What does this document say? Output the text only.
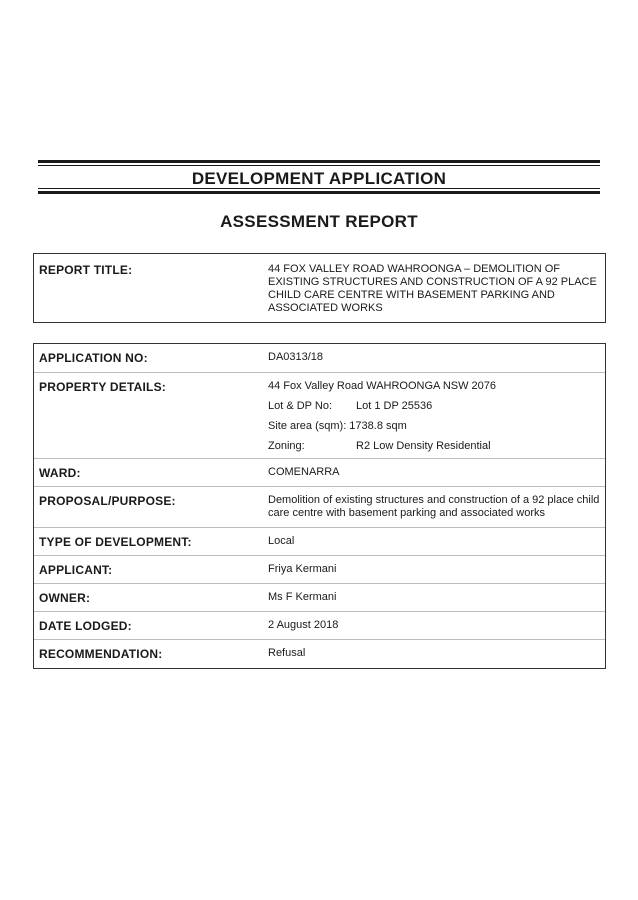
DEVELOPMENT APPLICATION
ASSESSMENT REPORT
REPORT TITLE:	44 FOX VALLEY ROAD WAHROONGA – DEMOLITION OF EXISTING STRUCTURES AND CONSTRUCTION OF A 92 PLACE CHILD CARE CENTRE WITH BASEMENT PARKING AND ASSOCIATED WORKS
APPLICATION NO:	DA0313/18
PROPERTY DETAILS:	44 Fox Valley Road WAHROONGA NSW 2076
Lot & DP No: Lot 1 DP 25536
Site area (sqm): 1738.8 sqm
Zoning:	R2 Low Density Residential
WARD:	COMENARRA
PROPOSAL/PURPOSE:	Demolition of existing structures and construction of a 92 place child care centre with basement parking and associated works
TYPE OF DEVELOPMENT:	Local
APPLICANT:	Friya Kermani
OWNER:	Ms F Kermani
DATE LODGED:	2 August 2018
RECOMMENDATION:	Refusal
